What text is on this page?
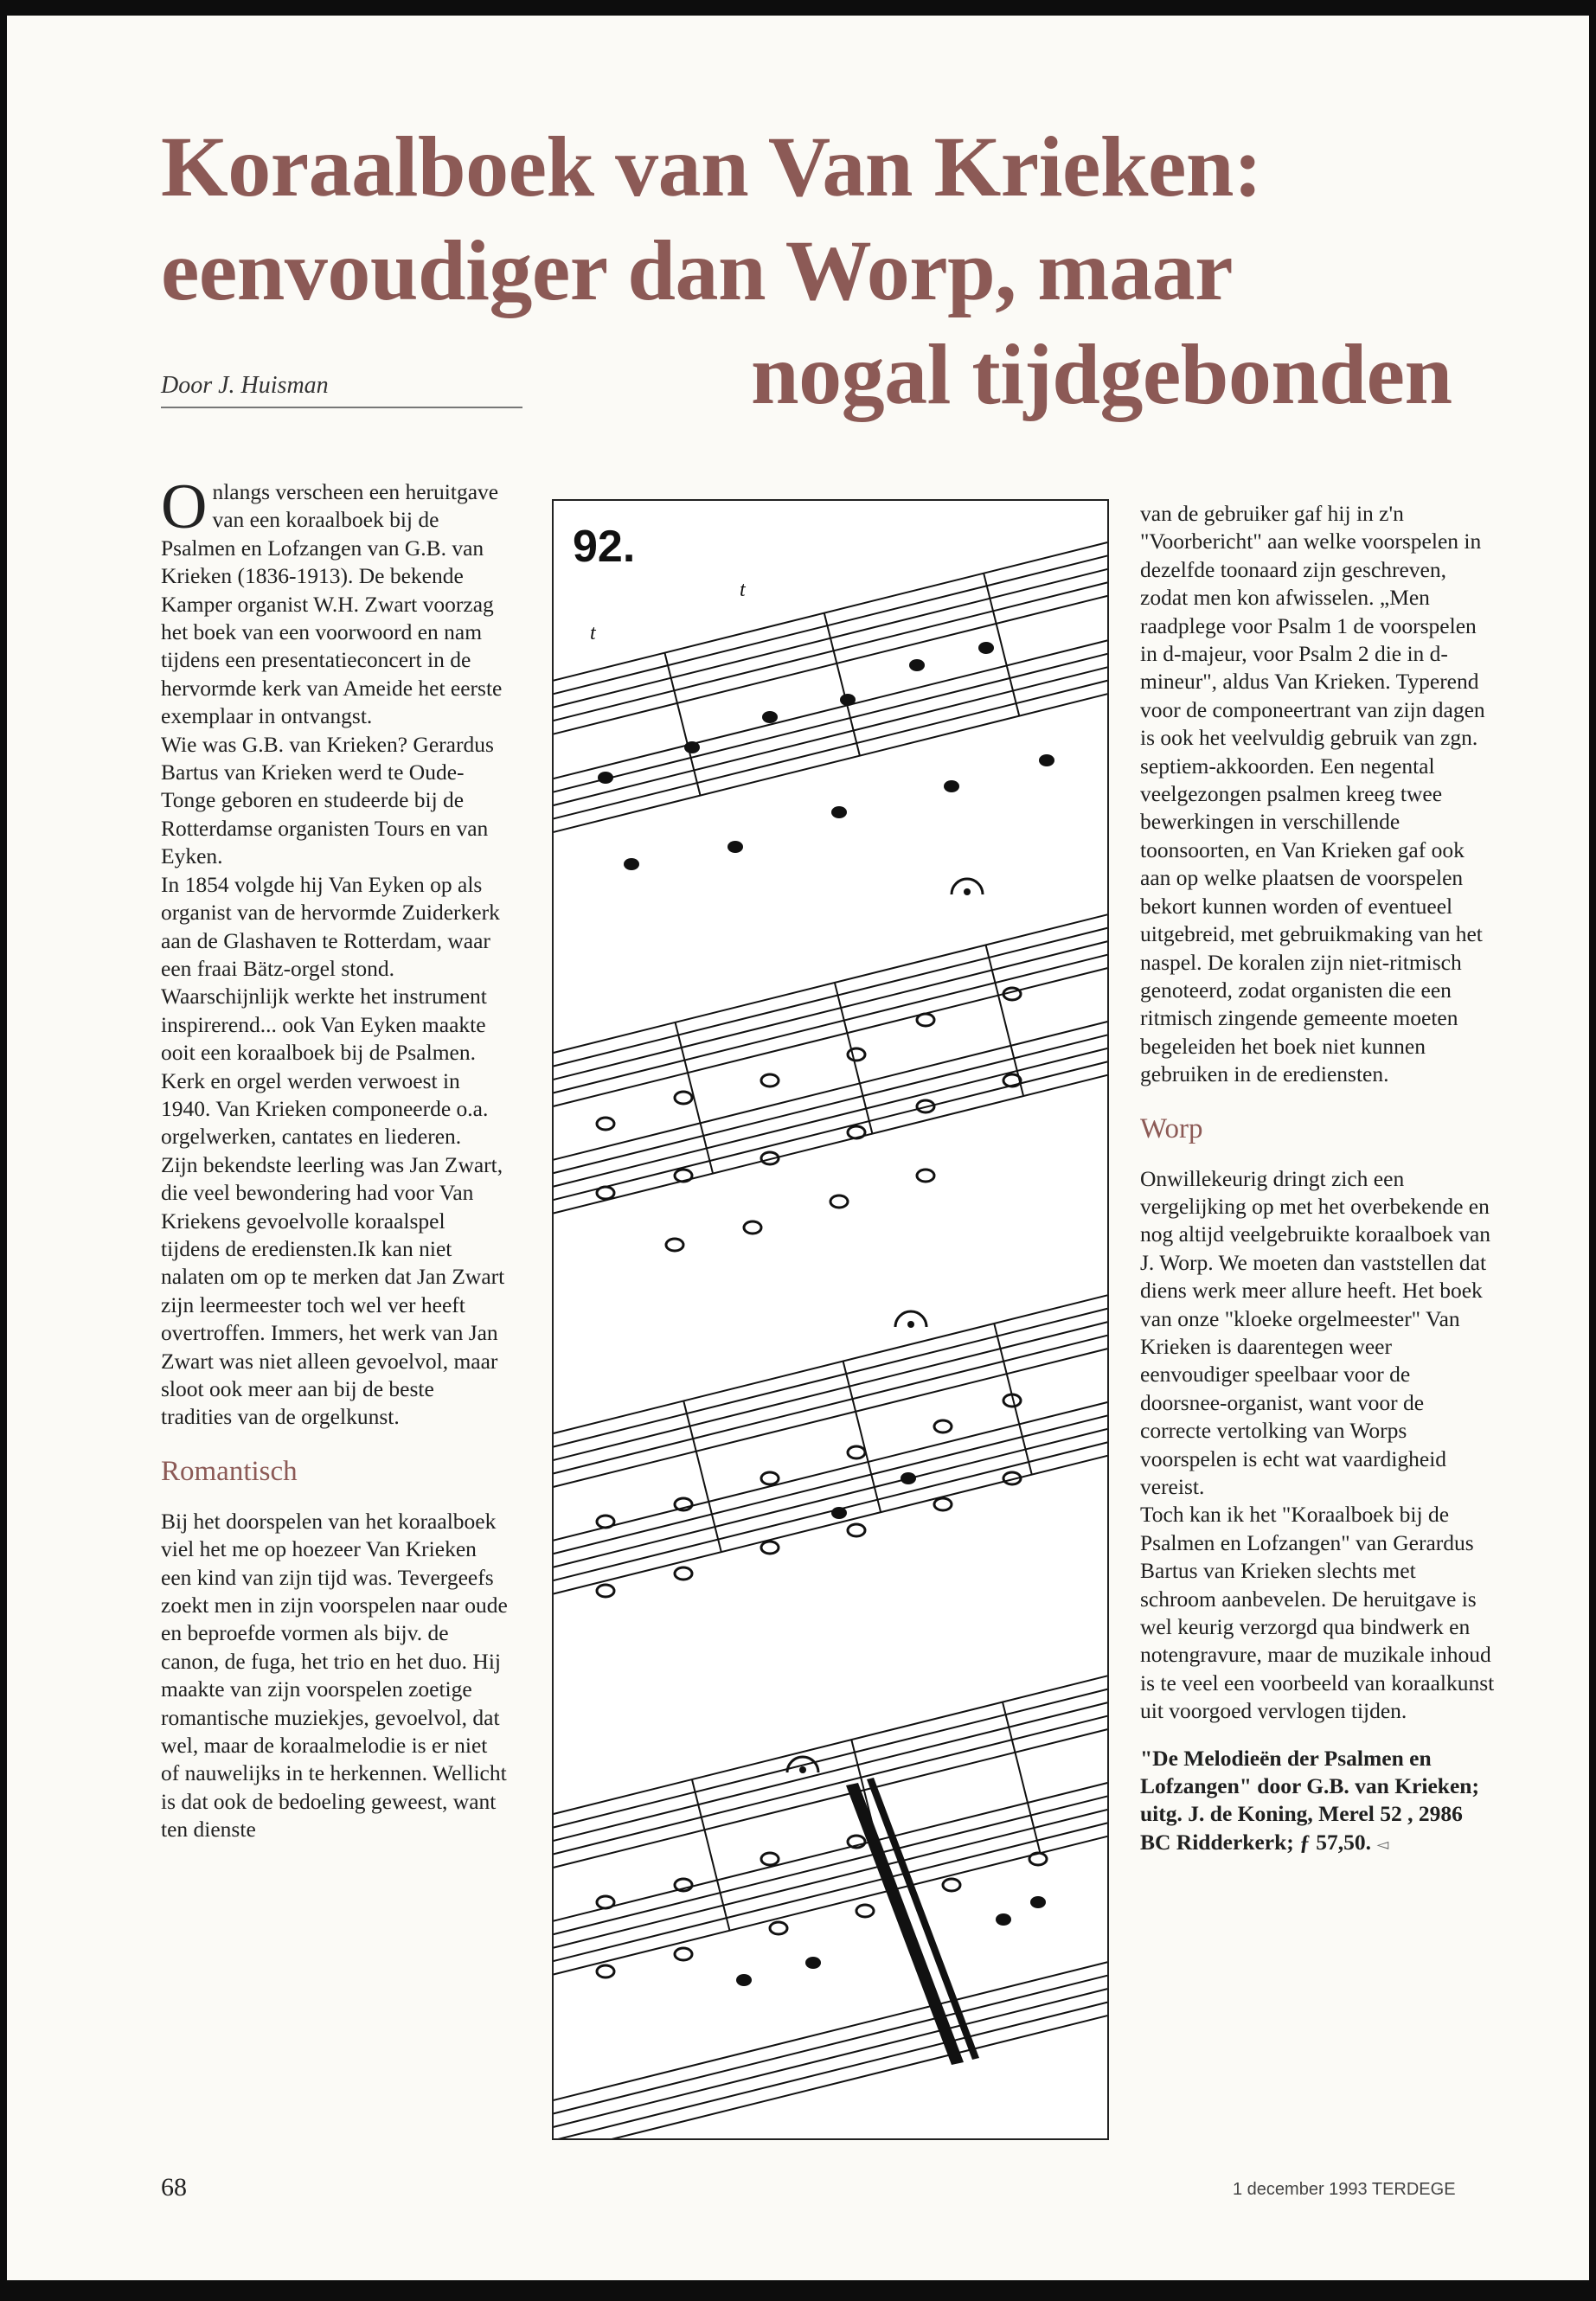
Koraalboek van Van Krieken:
eenvoudiger dan Worp, maar
nogal tijdgebonden
Door J. Huisman

Onlangs verscheen een heruitgave van een koraalboek bij de Psalmen en Lofzangen van G.B. van Krieken (1836-1913). De bekende Kamper organist W.H. Zwart voorzag het boek van een voorwoord en nam tijdens een presentatieconcert in de hervormde kerk van Ameide het eerste exemplaar in ontvangst.

Wie was G.B. van Krieken? Gerardus Bartus van Krieken werd te Oude-Tonge geboren en studeerde bij de Rotterdamse organisten Tours en van Eyken.

In 1854 volgde hij Van Eyken op als organist van de hervormde Zuiderkerk aan de Glashaven te Rotterdam, waar een fraai Bätz-orgel stond. Waarschijnlijk werkte het instrument inspirerend... ook Van Eyken maakte ooit een koraalboek bij de Psalmen. Kerk en orgel werden verwoest in 1940. Van Krieken componeerde o.a. orgelwerken, cantates en liederen.

Zijn bekendste leerling was Jan Zwart, die veel bewondering had voor Van Kriekens gevoelvolle koraalspel tijdens de erediensten.Ik kan niet nalaten om op te merken dat Jan Zwart zijn leermeester toch wel ver heeft overtroffen. Immers, het werk van Jan Zwart was niet alleen gevoelvol, maar sloot ook meer aan bij de beste tradities van de orgelkunst.

Romantisch

Bij het doorspelen van het koraalboek viel het me op hoezeer Van Krieken een kind van zijn tijd was. Tevergeefs zoekt men in zijn voorspelen naar oude en beproefde vormen als bijv. de canon, de fuga, het trio en het duo. Hij maakte van zijn voorspelen zoetige romantische muziekjes, gevoelvol, dat wel, maar de koraalmelodie is er niet of nauwelijks in te herkennen. Wellicht is dat ook de bedoeling geweest, want ten dienste

92.
t
t

van de gebruiker gaf hij in z'n "Voorbericht" aan welke voorspelen in dezelfde toonaard zijn geschreven, zodat men kon afwisselen. „Men raadplege voor Psalm 1 de voorspelen in d-majeur, voor Psalm 2 die in d-mineur", aldus Van Krieken. Typerend voor de componeertrant van zijn dagen is ook het veelvuldig gebruik van zgn. septiem-akkoorden. Een negental veelgezongen psalmen kreeg twee bewerkingen in verschillende toonsoorten, en Van Krieken gaf ook aan op welke plaatsen de voorspelen bekort kunnen worden of eventueel uitgebreid, met gebruikmaking van het naspel. De koralen zijn niet-ritmisch genoteerd, zodat organisten die een ritmisch zingende gemeente moeten begeleiden het boek niet kunnen gebruiken in de erediensten.

Worp

Onwillekeurig dringt zich een vergelijking op met het overbekende en nog altijd veelgebruikte koraalboek van J. Worp. We moeten dan vaststellen dat diens werk meer allure heeft. Het boek van onze "kloeke orgelmeester" Van Krieken is daarentegen weer eenvoudiger speelbaar voor de doorsnee-organist, want voor de correcte vertolking van Worps voorspelen is echt wat vaardigheid vereist.

Toch kan ik het "Koraalboek bij de Psalmen en Lofzangen" van Gerardus Bartus van Krieken slechts met schroom aanbevelen. De heruitgave is wel keurig verzorgd qua bindwerk en notengravure, maar de muzikale inhoud is te veel een voorbeeld van koraalkunst uit voorgoed vervlogen tijden.

"De Melodieën der Psalmen en Lofzangen" door G.B. van Krieken; uitg. J. de Koning, Merel 52 , 2986 BC Ridderkerk; ƒ 57,50. ◅

68	1 december 1993 TERDEGE
